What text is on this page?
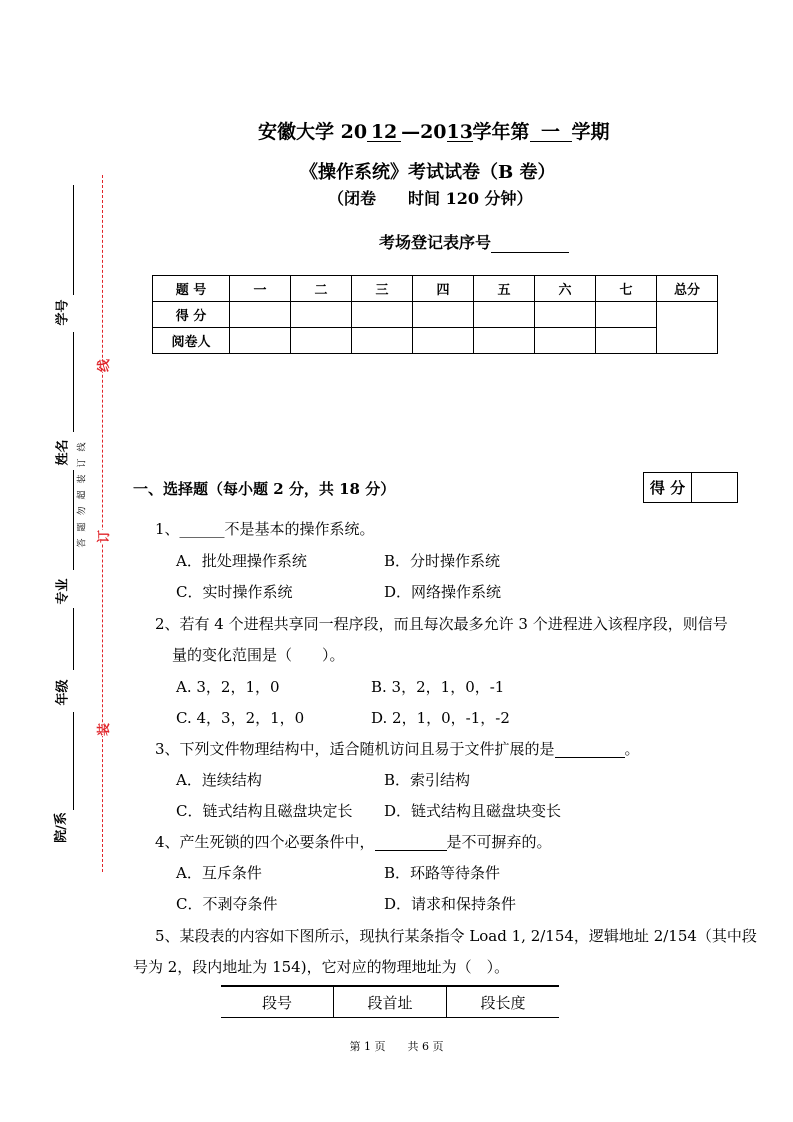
学号
姓名
专业
年级
院/系
答题勿超装订线
线
订
装
安徽大学 20 12 —2013学年第 一 学期
《操作系统》考试试卷（B 卷）
（闭卷　　时间 120 分钟）
考场登记表序号
题 号	一	二	三	四	五	六	七	总分
得 分								
阅卷人								
一、选择题（每小题 2 分，共 18 分）	得 分
1、______不是基本的操作系统。
A．批处理操作系统	B．分时操作系统
C．实时操作系统	D．网络操作系统
2、若有 4 个进程共享同一程序段，而且每次最多允许 3 个进程进入该程序段，则信号
量的变化范围是（　　）。
A. 3，2，1，0	B. 3，2，1，0，-1
C. 4，3，2，1，0	D. 2，1，0，-1，-2
3、下列文件物理结构中，适合随机访问且易于文件扩展的是	。
A．连续结构	B．索引结构
C．链式结构且磁盘块定长 D．链式结构且磁盘块变长
4、产生死锁的四个必要条件中，	是不可摒弃的。
A．互斥条件	B．环路等待条件
C．不剥夺条件	D．请求和保持条件
5、某段表的内容如下图所示，现执行某条指令 Load 1, 2/154，逻辑地址 2/154（其中段
号为 2，段内地址为 154)，它对应的物理地址为（　）。
段号	段首址	段长度
第 1 页　　共 6 页
